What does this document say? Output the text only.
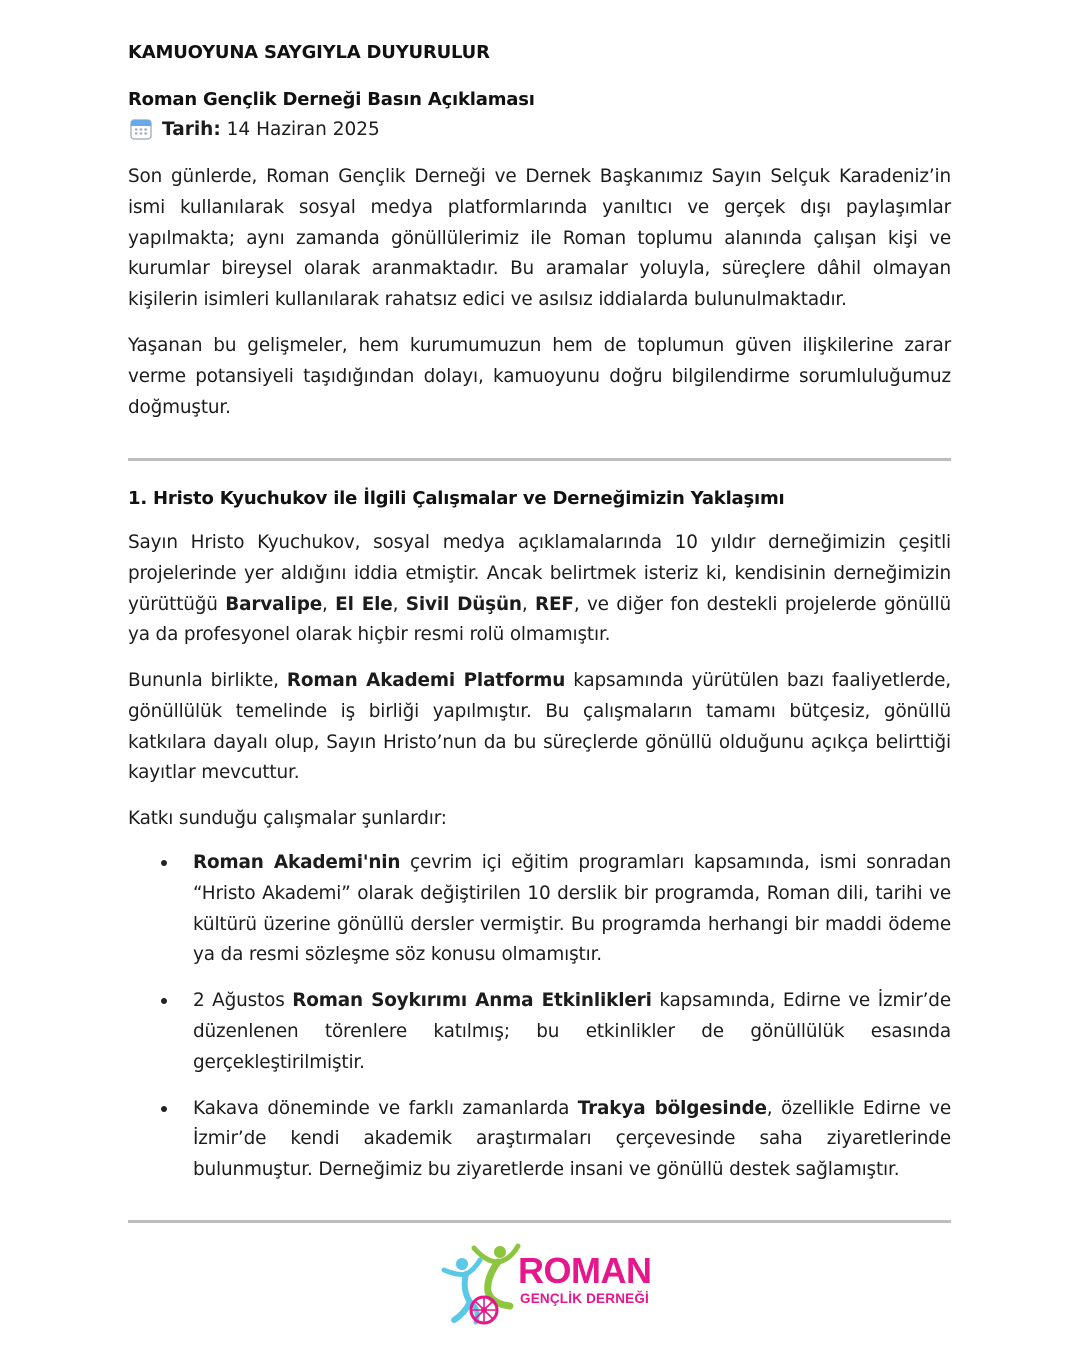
KAMUOYUNA SAYGIYLA DUYURULUR
Roman Gençlik Derneği Basın Açıklaması
Tarih:
14 Haziran 2025

Son günlerde, Roman Gençlik Derneği ve Dernek Başkanımız Sayın Selçuk Karadeniz’in ismi kullanılarak sosyal medya platformlarında yanıltıcı ve gerçek dışı paylaşımlar yapılmakta; aynı zamanda gönüllülerimiz ile Roman toplumu alanında çalışan kişi ve kurumlar bireysel olarak aranmaktadır. Bu aramalar yoluyla, süreçlere dâhil olmayan kişilerin isimleri kullanılarak rahatsız edici ve asılsız iddialarda bulunulmaktadır.

Yaşanan bu gelişmeler, hem kurumumuzun hem de toplumun güven ilişkilerine zarar verme potansiyeli taşıdığından dolayı, kamuoyunu doğru bilgilendirme sorumluluğumuz doğmuştur.

1. Hristo Kyuchukov ile İlgili Çalışmalar ve Derneğimizin Yaklaşımı

Sayın Hristo Kyuchukov, sosyal medya açıklamalarında 10 yıldır derneğimizin çeşitli projelerinde yer aldığını iddia etmiştir. Ancak belirtmek isteriz ki, kendisinin derneğimizin yürüttüğü Barvalipe, El Ele, Sivil Düşün, REF, ve diğer fon destekli projelerde gönüllü ya da profesyonel olarak hiçbir resmi rolü olmamıştır.

Bununla birlikte, Roman Akademi Platformu kapsamında yürütülen bazı faaliyetlerde, gönüllülük temelinde iş birliği yapılmıştır. Bu çalışmaların tamamı bütçesiz, gönüllü katkılara dayalı olup, Sayın Hristo’nun da bu süreçlerde gönüllü olduğunu açıkça belirttiği kayıtlar mevcuttur.

Katkı sunduğu çalışmalar şunlardır:

Roman Akademi'nin çevrim içi eğitim programları kapsamında, ismi sonradan “Hristo Akademi” olarak değiştirilen 10 derslik bir programda, Roman dili, tarihi ve kültürü üzerine gönüllü dersler vermiştir. Bu programda herhangi bir maddi ödeme ya da resmi sözleşme söz konusu olmamıştır.
2 Ağustos Roman Soykırımı Anma Etkinlikleri kapsamında, Edirne ve İzmir’de düzenlenen törenlere katılmış; bu etkinlikler de gönüllülük esasında gerçekleştirilmiştir.
Kakava döneminde ve farklı zamanlarda Trakya bölgesinde, özellikle Edirne ve İzmir’de kendi akademik araştırmaları çerçevesinde saha ziyaretlerinde bulunmuştur. Derneğimiz bu ziyaretlerde insani ve gönüllü destek sağlamıştır.
ROMAN
GENÇLİK DERNEĞİ
